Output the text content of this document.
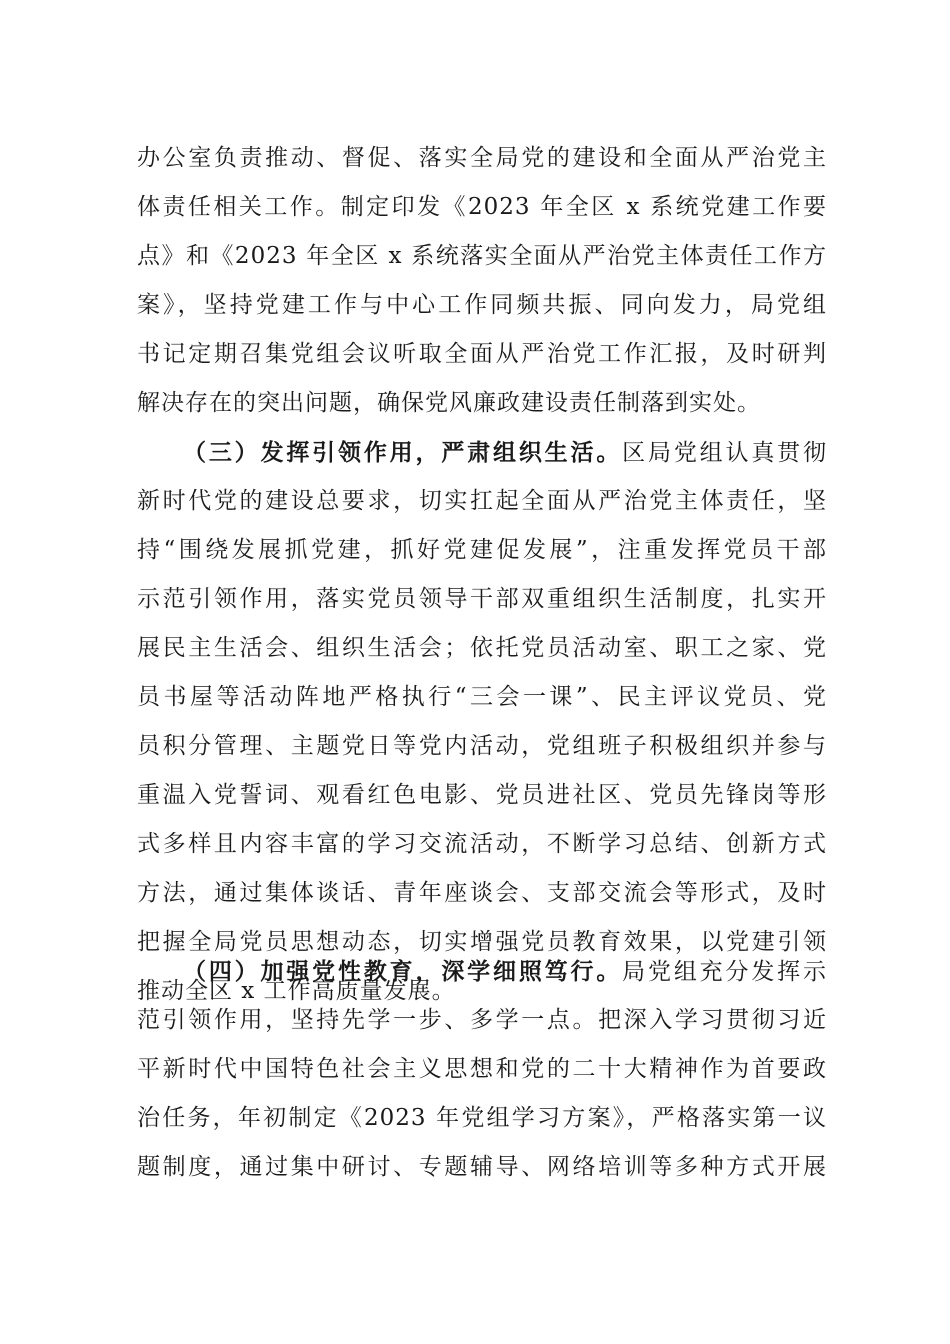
办公室负责推动、督促、落实全局党的建设和全面从严治党主
体责任相关工作。制定印发《2023 年全区 x 系统党建工作要
点》和《2023 年全区 x 系统落实全面从严治党主体责任工作方
案》，坚持党建工作与中心工作同频共振、同向发力，局党组
书记定期召集党组会议听取全面从严治党工作汇报，及时研判
解决存在的突出问题，确保党风廉政建设责任制落到实处。
（三）发挥引领作用，严肃组织生活。区局党组认真贯彻
新时代党的建设总要求，切实扛起全面从严治党主体责任，坚
持“围绕发展抓党建，抓好党建促发展”，注重发挥党员干部
示范引领作用，落实党员领导干部双重组织生活制度，扎实开
展民主生活会、组织生活会；依托党员活动室、职工之家、党
员书屋等活动阵地严格执行“三会一课”、民主评议党员、党
员积分管理、主题党日等党内活动，党组班子积极组织并参与
重温入党誓词、观看红色电影、党员进社区、党员先锋岗等形
式多样且内容丰富的学习交流活动，不断学习总结、创新方式
方法，通过集体谈话、青年座谈会、支部交流会等形式，及时
把握全局党员思想动态，切实增强党员教育效果，以党建引领
推动全区 x 工作高质量发展。
（四）加强党性教育，深学细照笃行。局党组充分发挥示
范引领作用，坚持先学一步、多学一点。把深入学习贯彻习近
平新时代中国特色社会主义思想和党的二十大精神作为首要政
治任务，年初制定《2023 年党组学习方案》，严格落实第一议
题制度，通过集中研讨、专题辅导、网络培训等多种方式开展
